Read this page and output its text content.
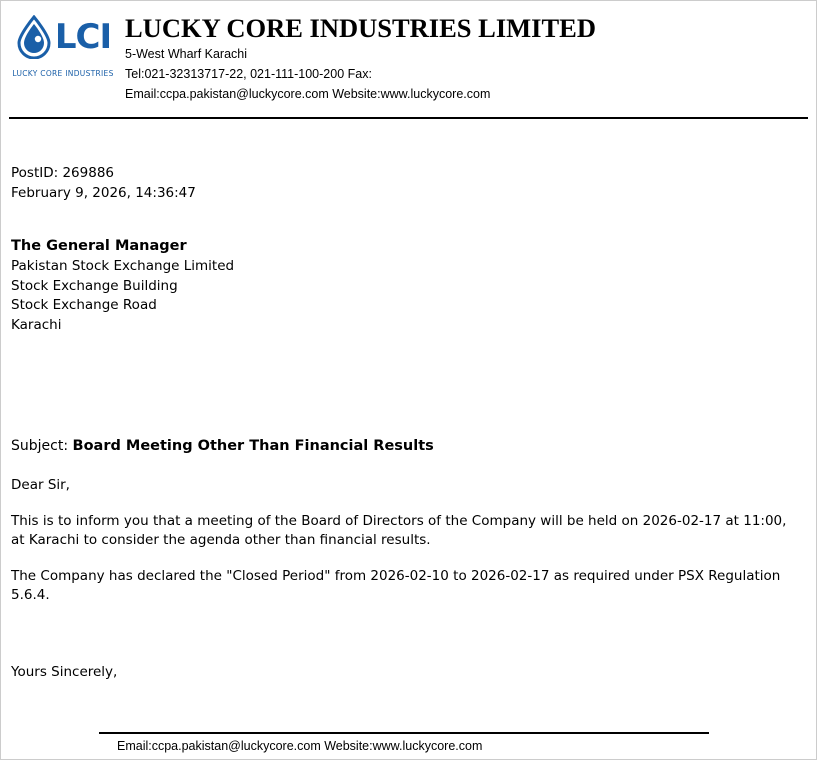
LCI
LUCKY CORE INDUSTRIES
LUCKY CORE INDUSTRIES LIMITED
5-West Wharf Karachi
Tel:021-32313717-22, 021-111-100-200 Fax:
Email:ccpa.pakistan@luckycore.com Website:www.luckycore.com
PostID: 269886
February 9, 2026, 14:36:47
The General Manager
Pakistan Stock Exchange Limited
Stock Exchange Building
Stock Exchange Road
Karachi
Subject: Board Meeting Other Than Financial Results
Dear Sir,
This is to inform you that a meeting of the Board of Directors of the Company will be held on 2026-02-17 at 11:00, at Karachi to consider the agenda other than financial results.
The Company has declared the "Closed Period" from 2026-02-10 to 2026-02-17 as required under PSX Regulation 5.6.4.
Yours Sincerely,
Email:ccpa.pakistan@luckycore.com Website:www.luckycore.com
